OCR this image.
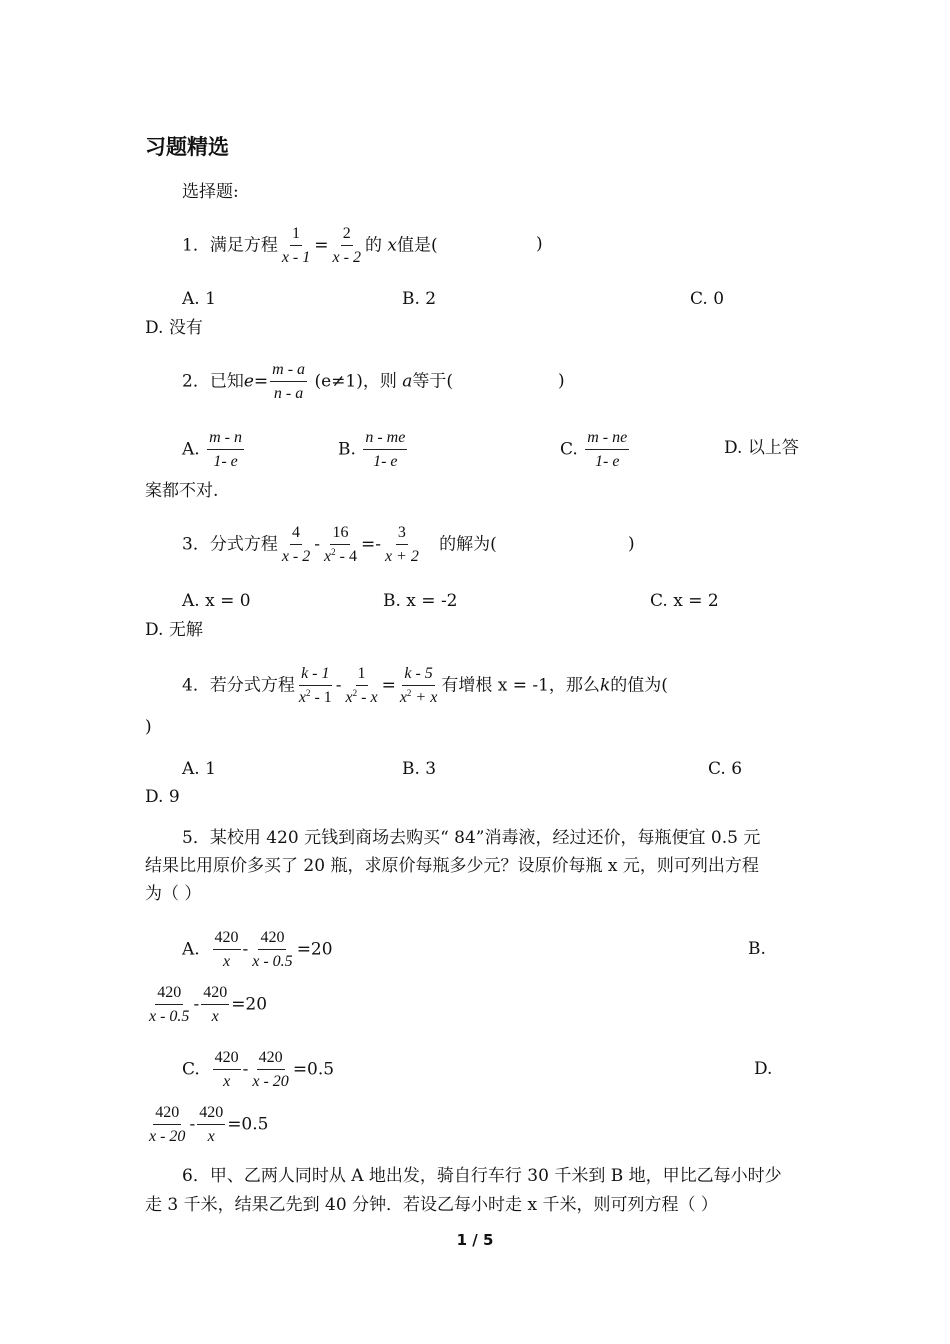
习题精选
选择题:
1．满足方程 $\frac{1}{x - 1} = \frac{2}{x - 2}$ 的 x值是(	)
A. 1	B. 2	C. 0
D. 没有
2．已知$e= \frac{m - a}{n - a} (e\ne 1)$，则 a等于(	)
A. $\frac{m - n}{1- e}$	B. $\frac{n - me}{1- e}$	C. $\frac{m - ne}{1- e}$	D. 以上答
案都不对.
3．分式方程 $\frac{4}{x - 2} - \frac{16}{x^2 - 4} =- \frac{3}{x + 2}$ 的解为(	)
A. x = 0	B. x = -2	C. x = 2
D. 无解
4．若分式方程 $\frac{k - 1}{x^2 - 1} - \frac{1}{x^2 - x} = \frac{k - 5}{x^2 + x}$ 有增根 x = -1，那么k的值为(
)
A. 1	B. 3	C. 6
D. 9
5．某校用 420 元钱到商场去购买“ 84”消毒液，经过还价，每瓶便宜 0.5 元
结果比用原价多买了 20 瓶，求原价每瓶多少元？设原价每瓶 x 元，则可列出方程
为（ ）
A. $\frac{420}{x} - \frac{420}{x - 0.5} =20$	B.
$\frac{420}{x - 0.5} - \frac{420}{x} =20$
C. $\frac{420}{x} - \frac{420}{x - 20} =0.5$	D.
$\frac{420}{x - 20} - \frac{420}{x} =0.5$
6．甲、乙两人同时从 A 地出发，骑自行车行 30 千米到 B 地，甲比乙每小时少
走 3 千米，结果乙先到 40 分钟．若设乙每小时走 x 千米，则可列方程（ ）
1 / 5
